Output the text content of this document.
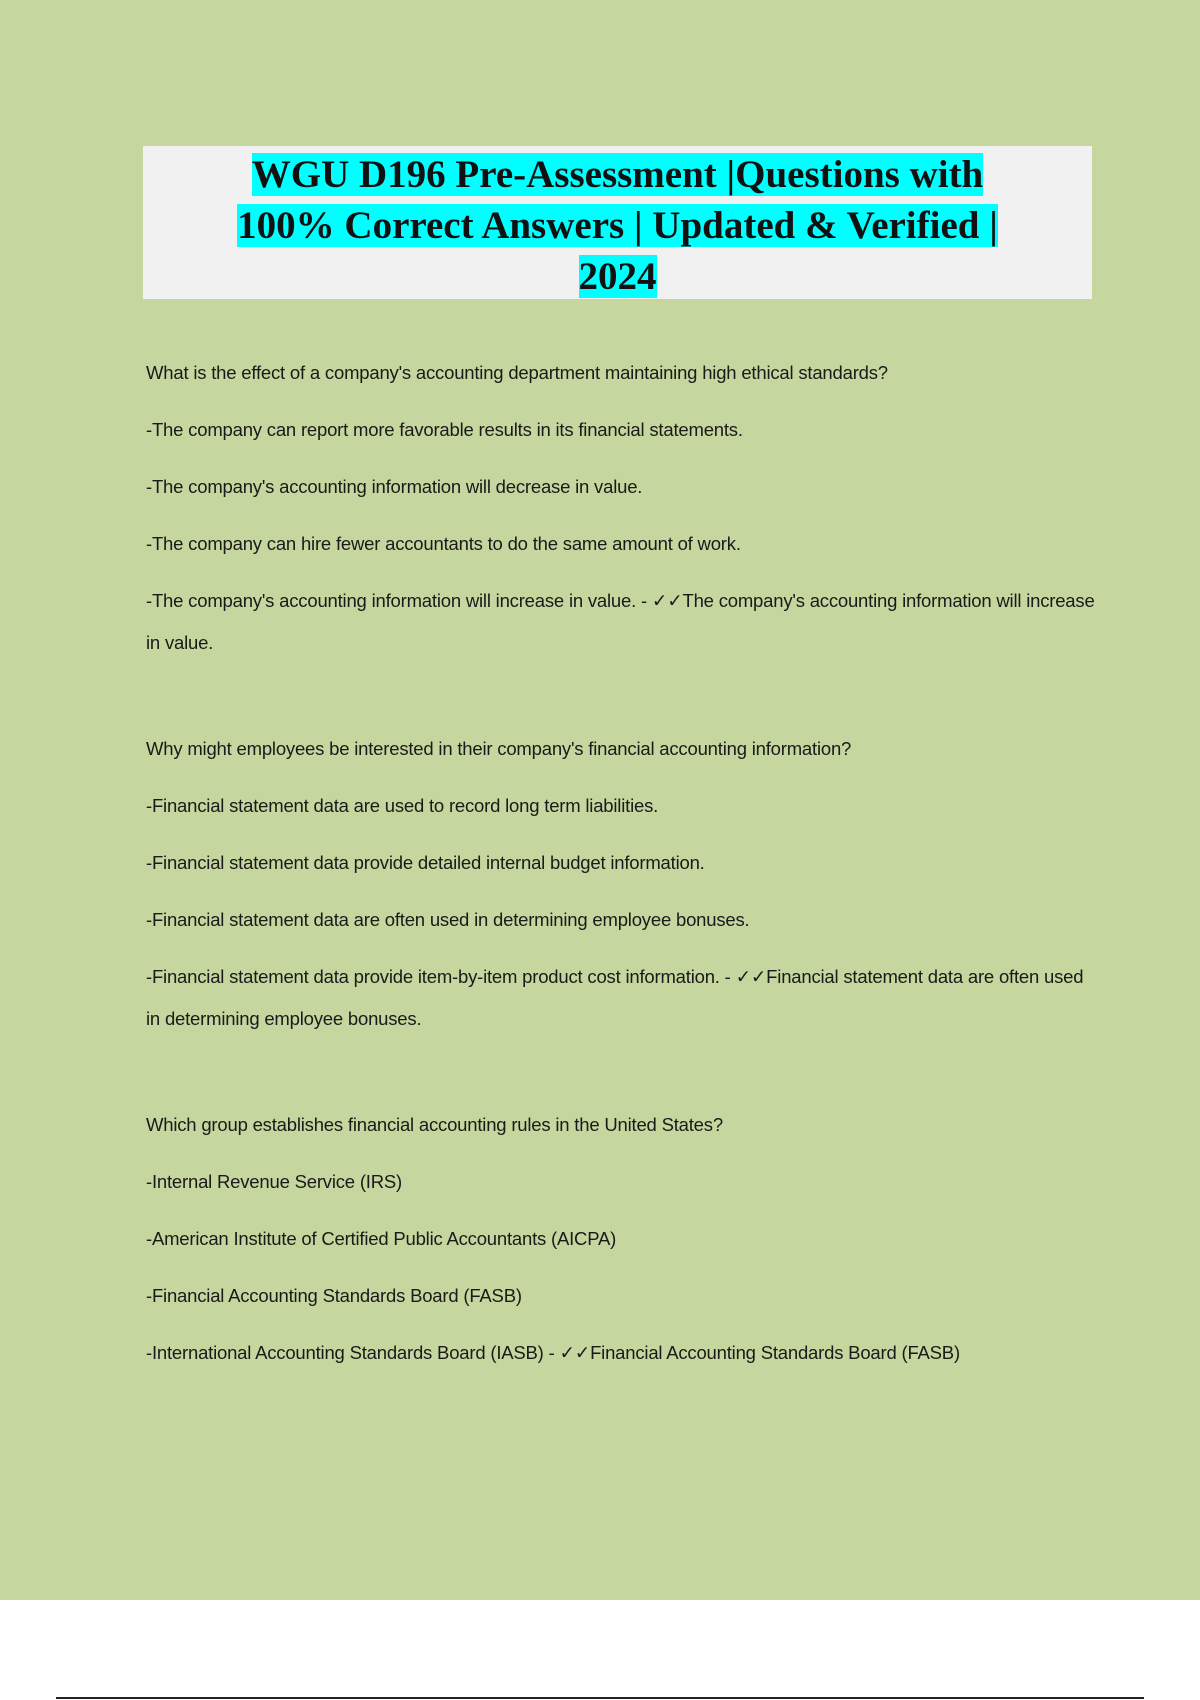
WGU D196 Pre-Assessment |Questions with
100% Correct Answers | Updated & Verified |
2024

What is the effect of a company's accounting department maintaining high ethical standards?

-The company can report more favorable results in its financial statements.

-The company's accounting information will decrease in value.

-The company can hire fewer accountants to do the same amount of work.

-The company's accounting information will increase in value. - ✓✓The company's accounting information will increase in value.

Why might employees be interested in their company's financial accounting information?

-Financial statement data are used to record long term liabilities.

-Financial statement data provide detailed internal budget information.

-Financial statement data are often used in determining employee bonuses.

-Financial statement data provide item-by-item product cost information. - ✓✓Financial statement data are often used in determining employee bonuses.

Which group establishes financial accounting rules in the United States?

-Internal Revenue Service (IRS)

-American Institute of Certified Public Accountants (AICPA)

-Financial Accounting Standards Board (FASB)

-International Accounting Standards Board (IASB) - ✓✓Financial Accounting Standards Board (FASB)
